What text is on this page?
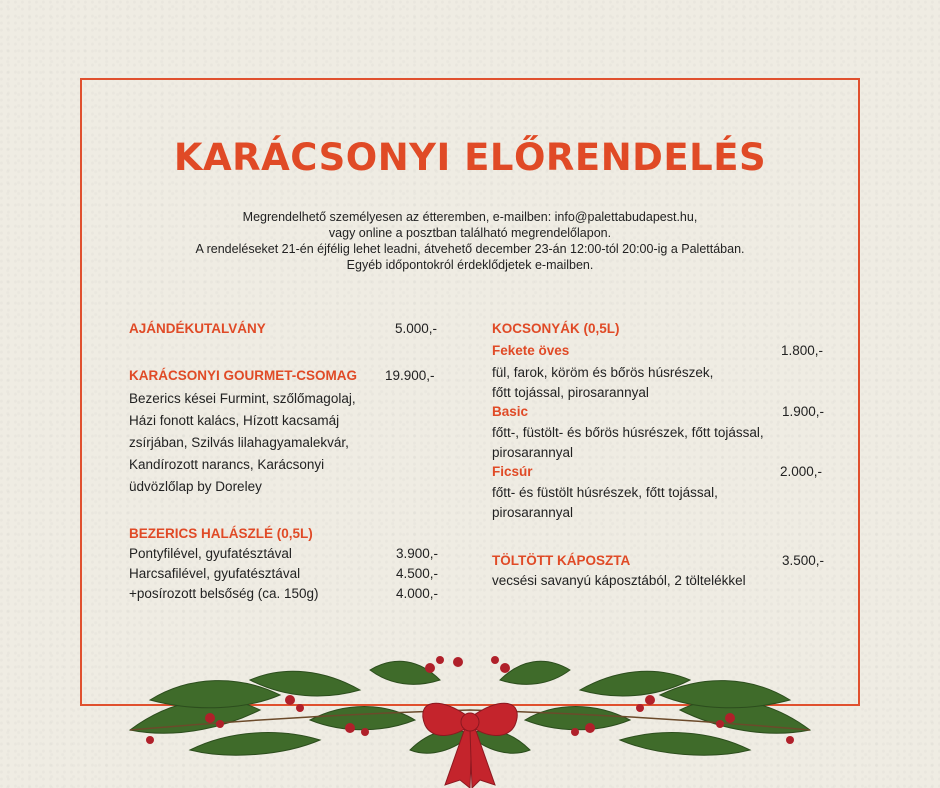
KARÁCSONYI ELŐRENDELÉS
Megrendelhető személyesen az étteremben, e-mailben: info@palettabudapest.hu,
vagy online a posztban található megrendelőlapon.
A rendeléseket 21-én éjfélig lehet leadni, átvehető december 23-án 12:00-tól 20:00-ig a Palettában.
Egyéb időpontokról érdeklődjetek e-mailben.
AJÁNDÉKUTALVÁNY	5.000,-
KARÁCSONYI GOURMET-CSOMAG 19.900,-
Bezerics kései Furmint, szőlőmagolaj,
Házi fonott kalács, Hízott kacsamáj
zsírjában, Szilvás lilahagyamalekvár,
Kandírozott narancs, Karácsonyi
üdvözlőlap by Doreley
BEZERICS HALÁSZLÉ (0,5L)
Pontyfilével, gyufatésztával	3.900,-
Harcsafilével, gyufatésztával	4.500,-
+posírozott belsőség (ca. 150g)	4.000,-
KOCSONYÁK (0,5L)
Fekete öves	1.800,-
fül, farok, köröm és bőrös húsrészek,
főtt tojással, pirosarannyal
Basic	1.900,-
főtt-, füstölt- és bőrös húsrészek, főtt tojással,
pirosarannyal
Ficsúr	2.000,-
főtt- és füstölt húsrészek, főtt tojással,
pirosarannyal
TÖLTÖTT KÁPOSZTA	3.500,-
vecsési savanyú káposztából, 2 töltelékkel
